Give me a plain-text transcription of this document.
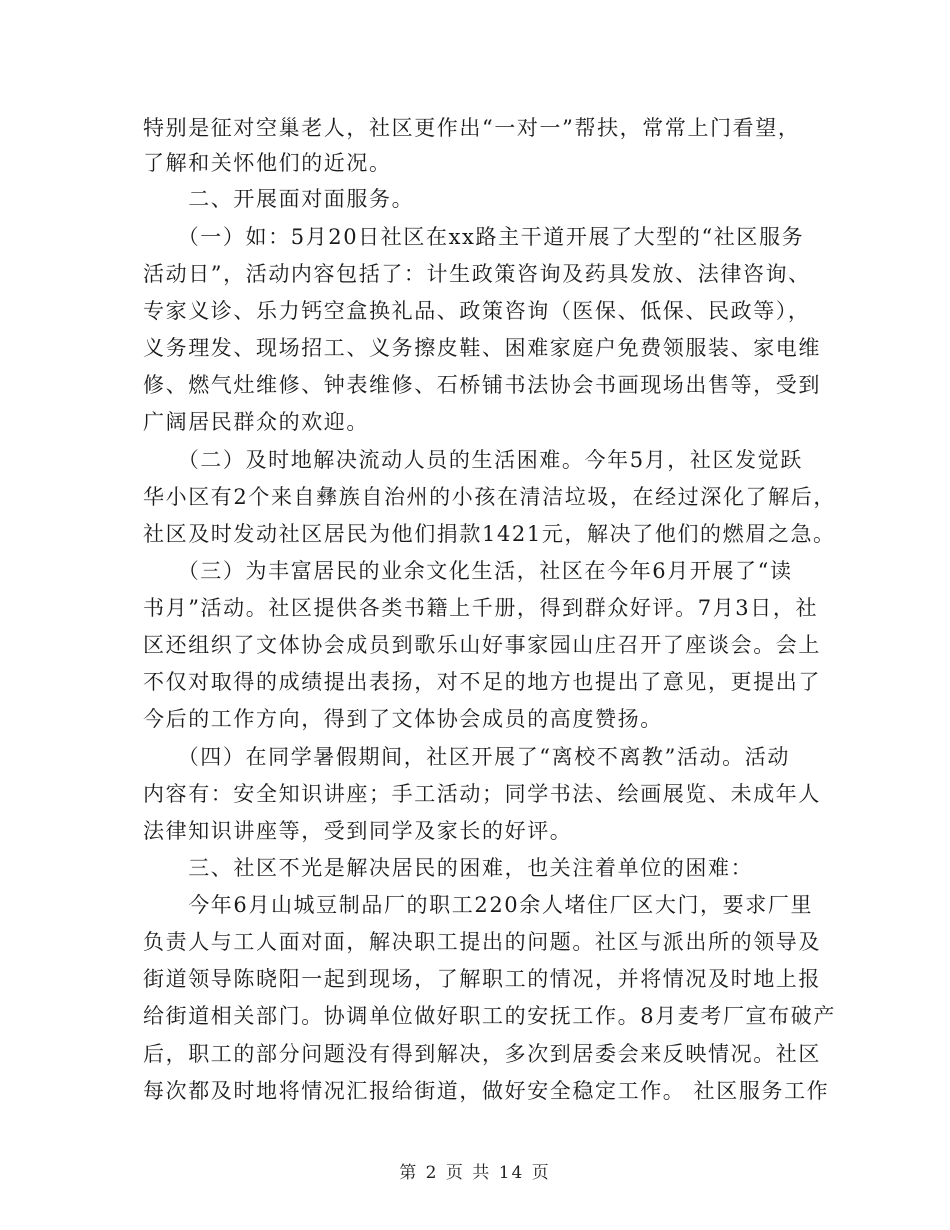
特别是征对空巢老人，社区更作出“一对一”帮扶，常常上门看望，
了解和关怀他们的近况。
　　二、开展面对面服务。
　　（一）如：5月20日社区在xx路主干道开展了大型的“社区服务
活动日”，活动内容包括了：计生政策咨询及药具发放、法律咨询、
专家义诊、乐力钙空盒换礼品、政策咨询（医保、低保、民政等），
义务理发、现场招工、义务擦皮鞋、困难家庭户免费领服装、家电维
修、燃气灶维修、钟表维修、石桥铺书法协会书画现场出售等，受到
广阔居民群众的欢迎。
　　（二）及时地解决流动人员的生活困难。今年5月，社区发觉跃
华小区有2个来自彝族自治州的小孩在清洁垃圾，在经过深化了解后，
社区及时发动社区居民为他们捐款1421元，解决了他们的燃眉之急。
　　（三）为丰富居民的业余文化生活，社区在今年6月开展了“读
书月”活动。社区提供各类书籍上千册，得到群众好评。7月3日，社
区还组织了文体协会成员到歌乐山好事家园山庄召开了座谈会。会上
不仅对取得的成绩提出表扬，对不足的地方也提出了意见，更提出了
今后的工作方向，得到了文体协会成员的高度赞扬。
　　（四）在同学暑假期间，社区开展了“离校不离教”活动。活动
内容有：安全知识讲座；手工活动；同学书法、绘画展览、未成年人
法律知识讲座等，受到同学及家长的好评。
　　三、社区不光是解决居民的困难，也关注着单位的困难：
　　今年6月山城豆制品厂的职工220余人堵住厂区大门，要求厂里
负责人与工人面对面，解决职工提出的问题。社区与派出所的领导及
街道领导陈晓阳一起到现场，了解职工的情况，并将情况及时地上报
给街道相关部门。协调单位做好职工的安抚工作。8月麦考厂宣布破产
后，职工的部分问题没有得到解决，多次到居委会来反映情况。社区
每次都及时地将情况汇报给街道，做好安全稳定工作。 社区服务工作
第 2 页 共 14 页
